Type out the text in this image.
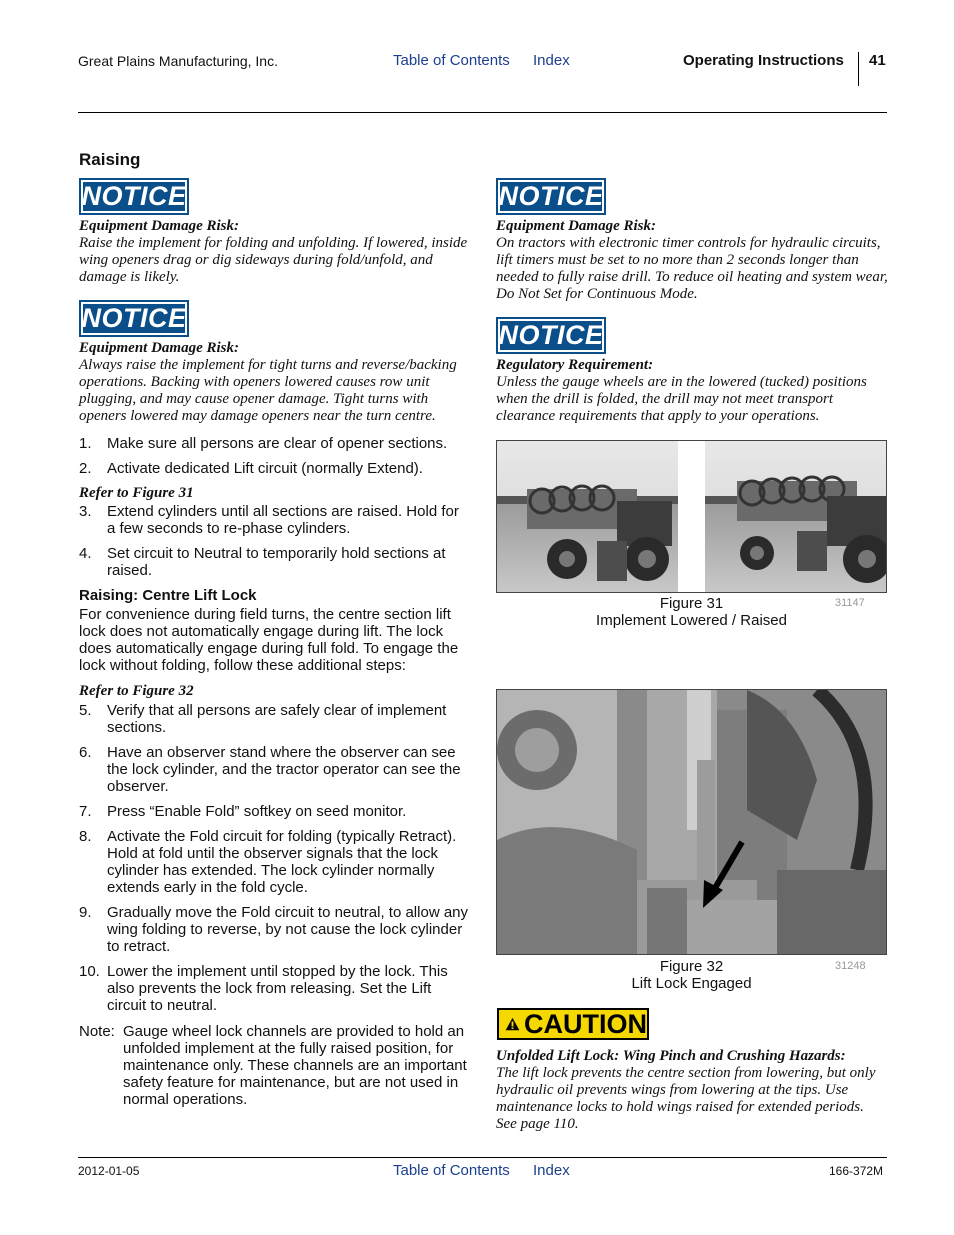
Great Plains Manufacturing, Inc.	Table of Contents Index	Operating Instructions 41
Raising
NOTICE
Equipment Damage Risk:
Raise the implement for folding and unfolding. If lowered, inside wing openers drag or dig sideways during fold/unfold, and damage is likely.
NOTICE
Equipment Damage Risk:
Always raise the implement for tight turns and reverse/backing operations. Backing with openers lowered causes row unit plugging, and may cause opener damage. Tight turns with openers lowered may damage openers near the turn centre.
1.	Make sure all persons are clear of opener sections.
2.	Activate dedicated Lift circuit (normally Extend).
Refer to Figure 31
3.	Extend cylinders until all sections are raised. Hold for a few seconds to re-phase cylinders.
4.	Set circuit to Neutral to temporarily hold sections at raised.
Raising: Centre Lift Lock
For convenience during field turns, the centre section lift lock does not automatically engage during lift. The lock does automatically engage during full fold. To engage the lock without folding, follow these additional steps:
Refer to Figure 32
5.	Verify that all persons are safely clear of implement sections.
6.	Have an observer stand where the observer can see the lock cylinder, and the tractor operator can see the observer.
7.	Press “Enable Fold” softkey on seed monitor.
8.	Activate the Fold circuit for folding (typically Retract). Hold at fold until the observer signals that the lock cylinder has extended. The lock cylinder normally extends early in the fold cycle.
9.	Gradually move the Fold circuit to neutral, to allow any wing folding to reverse, by not cause the lock cylinder to retract.
10. Lower the implement until stopped by the lock. This also prevents the lock from releasing. Set the Lift circuit to neutral.
Note: Gauge wheel lock channels are provided to hold an unfolded implement at the fully raised position, for maintenance only. These channels are an important safety feature for maintenance, but are not used in normal operations.
NOTICE
Equipment Damage Risk:
On tractors with electronic timer controls for hydraulic circuits, lift timers must be set to no more than 2 seconds longer than needed to fully raise drill. To reduce oil heating and system wear, Do Not Set for Continuous Mode.
NOTICE
Regulatory Requirement:
Unless the gauge wheels are in the lowered (tucked) positions when the drill is folded, the drill may not meet transport clearance requirements that apply to your operations.
Figure 31	31147
Implement Lowered / Raised
Figure 32	31248
Lift Lock Engaged
CAUTION
Unfolded Lift Lock: Wing Pinch and Crushing Hazards:
The lift lock prevents the centre section from lowering, but only hydraulic oil prevents wings from lowering at the tips. Use maintenance locks to hold wings raised for extended periods. See page 110.
2012-01-05	Table of Contents Index	166-372M
